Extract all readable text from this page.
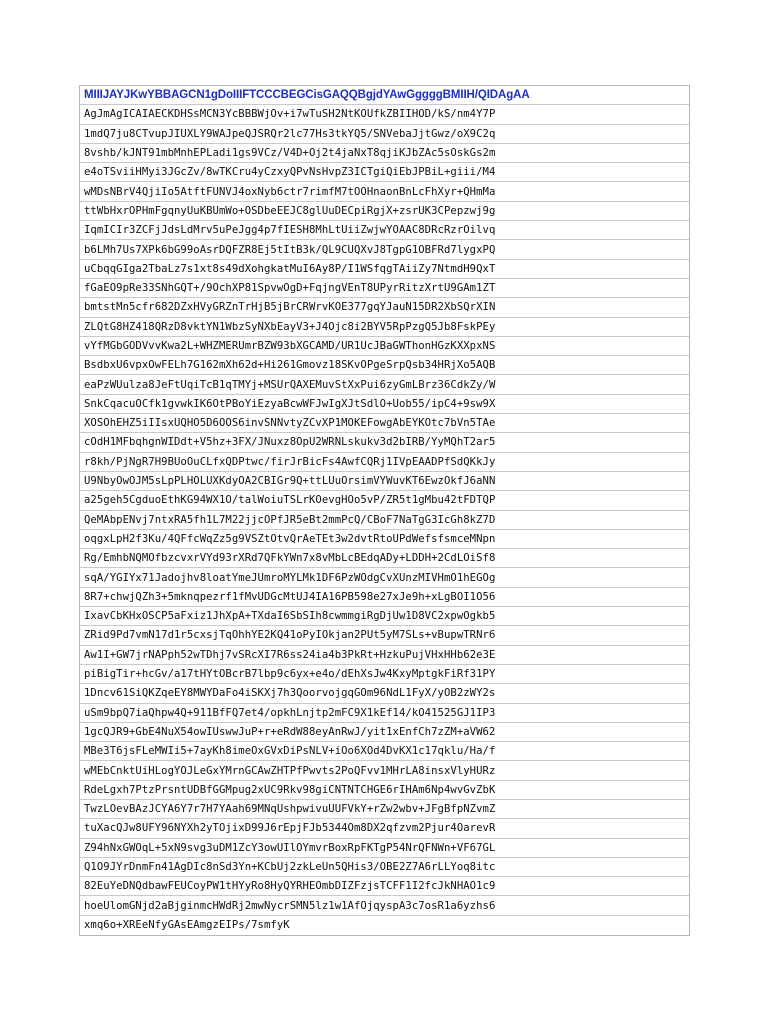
MIIIJAYJKwYBBAGCN1gDoIIIFTCCCBEGCisGAQQBgjdYAwGggggBMIIH/QIDAgAA
AgJmAgICAIAECKDHSsMCN3YcBBBWjOv+i7wTuSH2NtKOUfkZBIIHOD/kS/nm4Y7P
1mdQ7ju8CTvupJIUXLY9WAJpeQJSRQr2lc77Hs3tkYQ5/SNVebaJjtGwz/oX9C2q
8vshb/kJNT91mbMnhEPLadi1gs9VCz/V4D+Oj2t4jaNxT8qjiKJbZAc5sOskGs2m
e4oTSviiHMyi3JGcZv/8wTKCru4yCzxyQPvNsHvpZ3ICTgiQiEbJPBiL+giii/M4
wMDsNBrV4QjiIo5AtftFUNVJ4oxNyb6ctr7rimfM7tOOHnaonBnLcFhXyr+QHmMa
ttWbHxrOPHmFgqnyUuKBUmWo+OSDbeEEJC8glUuDECpiRgjX+zsrUK3CPepzwj9g
IqmICIr3ZCFjJdsLdMrv5uPeJgg4p7fIESH8MhLtUiiZwjwYOAAC8DRcRzrOilvq
b6LMh7Us7XPk6bG99oAsrDQFZR8Ej5tItB3k/QL9CUQXvJ8TgpG1OBFRd7lygxPQ
uCbqqGIga2TbaLz7s1xt8s49dXohgkatMuI6Ay8P/I1WSfqgTAiiZy7NtmdH9QxT
fGaEO9pRe33SNhGQT+/9OchXP81SpvwOgD+FqjngVEnT8UPyrRitzXrtU9GAm1ZT
bmtstMn5cfr682DZxHVyGRZnTrHjB5jBrCRWrvKOE377gqYJauN15DR2XbSQrXIN
ZLQtG8HZ418QRzD8vktYN1WbzSyNXbEayV3+J4Ojc8i2BYV5RpPzgQ5Jb8FskPEy
vYfMGbGODVvvKwa2L+WHZMERUmrBZW93bXGCAMD/UR1UcJBaGWThonHGzKXXpxNS
BsdbxU6vpxOwFELh7G162mXh62d+Hi261Gmovz18SKvOPgeSrpQsb34HRjXo5AQB
eaPzWUulza8JeFtUqiTcB1qTMYj+MSUrQAXEMuvStXxPui6zyGmLBrz36CdkZy/W
SnkCqacuOCfk1gvwkIK6OtPBoYiEzyaBcwWFJwIgXJtSdlO+Uob55/ipC4+9sw9X
XOSOhEHZ5iIIsxUQHO5D6OOS6invSNNvtyZCvXP1MOKEFowgAbEYKOtc7bVn5TAe
cOdH1MFbqhgnWIDdt+V5hz+3FX/JNuxz8OpU2WRNLskukv3d2bIRB/YyMQhT2ar5
r8kh/PjNgR7H9BUoOuCLfxQDPtwc/firJrBicFs4AwfCQRj1IVpEAADPfSdQKkJy
U9NbyOwOJM5sLpPLHOLUXKdyOA2CBIGr9Q+ttLUuOrsimVYWuvKT6EwzOkfJ6aNN
a25geh5CgduoEthKG94WX1O/talWoiuTSLrKOevgHOo5vP/ZR5t1gMbu42tFDTQP
QeMAbpENvj7ntxRA5fh1L7M22jjcOPfJR5eBt2mmPcQ/CBoF7NaTgG3IcGh8kZ7D
oqgxLpH2f3Ku/4QFfcWqZz5g9VSZtOtvQrAeTEt3w2dvtRtoUPdWefsfsmceMNpn
Rg/EmhbNQMOfbzcvxrVYd93rXRd7QFkYWn7x8vMbLcBEdqADy+LDDH+2CdLOiSf8
sqA/YGIYx71Jadojhv8loatYmeJUmroMYLMk1DF6PzWOdgCvXUnzMIVHmO1hEGOg
8R7+chwjQZh3+5mknqpezrf1fMvUDGcMtUJ4IA16PB598e27xJe9h+xLgBOI1O56
IxavCbKHxOSCP5aFxiz1JhXpA+TXdaI6SbSIh8cwmmgiRgDjUw1D8VC2xpwOgkb5
ZRid9Pd7vmN17d1r5cxsjTqOhhYE2KQ41oPyIOkjan2PUt5yM7SLs+vBupwTRNr6
Aw1I+GW7jrNAPph52wTDhj7vSRcXI7R6ss24ia4b3PkRt+HzkuPujVHxHHb62e3E
piBigTir+hcGv/a17tHYtOBcrB7lbp9c6yx+e4o/dEhXsJw4KxyMptgkFiRf31PY
1Dncv61SiQKZqeEY8MWYDaFo4iSKXj7h3QoorvojgqGOm96NdL1FyX/yOB2zWY2s
uSm9bpQ7iaQhpw4Q+911BfFQ7et4/opkhLnjtp2mFC9X1kEf14/kO41525GJ1IP3
1gcQJR9+GbE4NuX54owIUswwJuP+r+eRdW88eyAnRwJ/yit1xEnfCh7zZM+aVW62
MBe3T6jsFLeMWIi5+7ayKh8imeOxGVxDiPsNLV+iOo6XOd4DvKX1c17qklu/Ha/f
wMEbCnktUiHLogYOJLeGxYMrnGCAwZHTPfPwvts2PoQFvv1MHrLA8insxVlyHURz
RdeLgxh7PtzPrsntUDBfGGMpug2xUC9Rkv98giCNTNTCHGE6rIHAm6Np4wvGvZbK
TwzLOevBAzJCYA6Y7r7H7YAah69MNqUshpwivuUUFVkY+rZw2wbv+JFgBfpNZvmZ
tuXacQJw8UFY96NYXh2yTOjixD99J6rEpjFJb5344Om8DX2qfzvm2Pjur4OarevR
Z94hNxGWOqL+5xN9svg3uDM1ZcY3owUIlOYmvrBoxRpFKTgP54NrQFNWn+VF67GL
Q1O9JYrDnmFn41AgDIc8nSd3Yn+KCbUj2zkLeUn5QHis3/OBE2Z7A6rLLYoq8itc
82EuYeDNQdbawFEUCoyPW1tHYyRo8HyQYRHEOmbDIZFzjsTCFF1I2fcJkNHAO1c9
hoeUlomGNjd2aBjginmcHWdRj2mwNycrSMN5lz1w1AfOjqyspA3c7osR1a6yzhs6
xmq6o+XREeNfyGAsEAmgzEIPs/7smfyK
